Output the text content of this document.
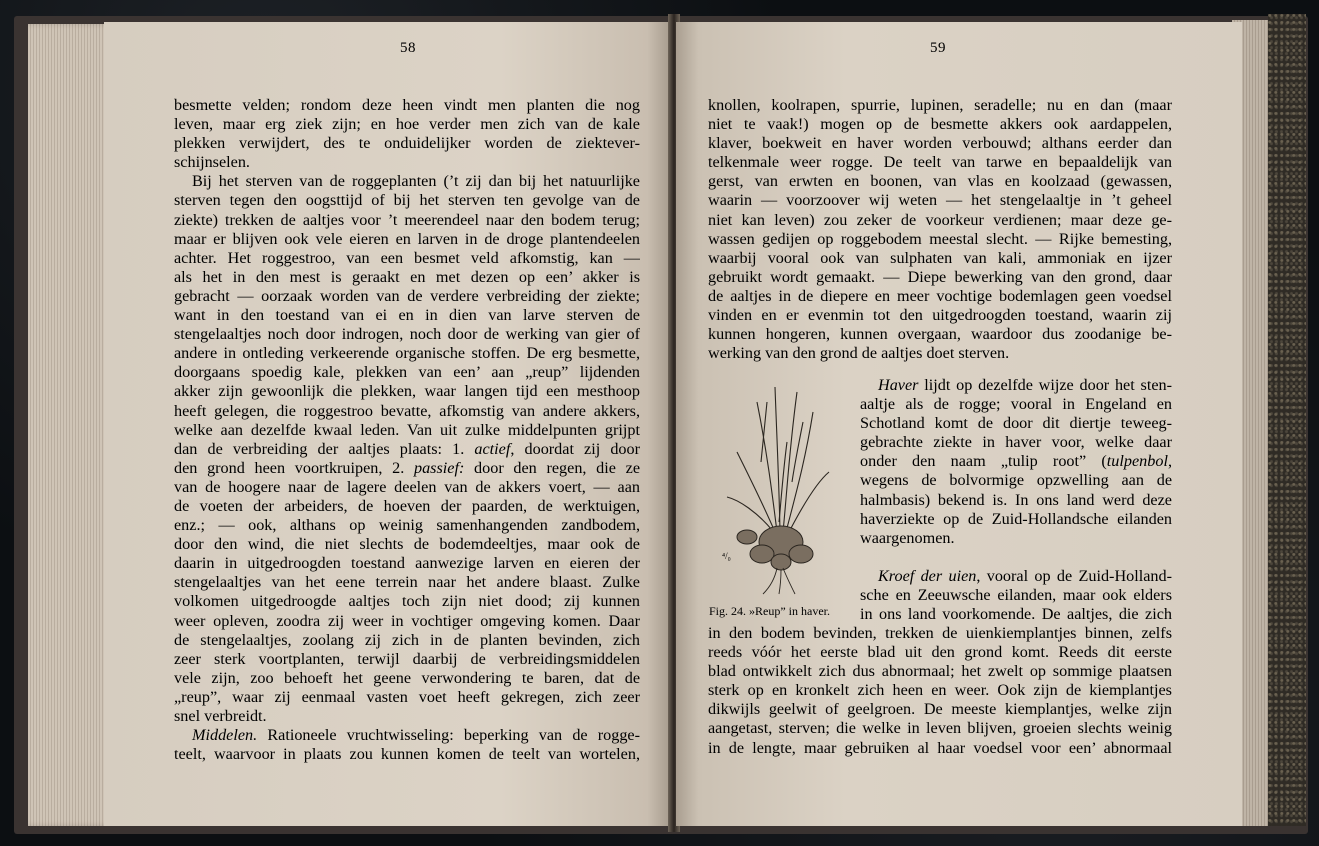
58
besmette velden; rondom deze heen vindt men planten die nog
leven, maar erg ziek zijn; en hoe verder men zich van de kale
plekken verwijdert, des te onduidelijker worden de ziektever-
schijnselen.
Bij het sterven van de roggeplanten (’t zij dan bij het natuurlijke
sterven tegen den oogsttijd of bij het sterven ten gevolge van de
ziekte) trekken de aaltjes voor ’t meerendeel naar den bodem terug;
maar er blijven ook vele eieren en larven in de droge plantendeelen
achter. Het roggestroo, van een besmet veld afkomstig, kan —
als het in den mest is geraakt en met dezen op een’ akker is
gebracht — oorzaak worden van de verdere verbreiding der ziekte;
want in den toestand van ei en in dien van larve sterven de
stengelaaltjes noch door indrogen, noch door de werking van gier of
andere in ontleding verkeerende organische stoffen. De erg besmette,
doorgaans spoedig kale, plekken van een’ aan „reup” lijdenden
akker zijn gewoonlijk die plekken, waar langen tijd een mesthoop
heeft gelegen, die roggestroo bevatte, afkomstig van andere akkers,
welke aan dezelfde kwaal leden. Van uit zulke middelpunten grijpt
dan de verbreiding der aaltjes plaats: 1. actief, doordat zij door
den grond heen voortkruipen, 2. passief: door den regen, die ze
van de hoogere naar de lagere deelen van de akkers voert, — aan
de voeten der arbeiders, de hoeven der paarden, de werktuigen,
enz.; — ook, althans op weinig samenhangenden zandbodem,
door den wind, die niet slechts de bodemdeeltjes, maar ook de
daarin in uitgedroogden toestand aanwezige larven en eieren der
stengelaaltjes van het eene terrein naar het andere blaast. Zulke
volkomen uitgedroogde aaltjes toch zijn niet dood; zij kunnen
weer opleven, zoodra zij weer in vochtiger omgeving komen. Daar
de stengelaaltjes, zoolang zij zich in de planten bevinden, zich
zeer sterk voortplanten, terwijl daarbij de verbreidingsmiddelen
vele zijn, zoo behoeft het geene verwondering te baren, dat de
„reup”, waar zij eenmaal vasten voet heeft gekregen, zich zeer
snel verbreidt.
Middelen. Rationeele vruchtwisseling: beperking van de rogge-
teelt, waarvoor in plaats zou kunnen komen de teelt van wortelen,
59
knollen, koolrapen, spurrie, lupinen, seradelle; nu en dan (maar
niet te vaak!) mogen op de besmette akkers ook aardappelen,
klaver, boekweit en haver worden verbouwd; althans eerder dan
telkenmale weer rogge. De teelt van tarwe en bepaaldelijk van
gerst, van erwten en boonen, van vlas en koolzaad (gewassen,
waarin — voorzoover wij weten — het stengelaaltje in ’t geheel
niet kan leven) zou zeker de voorkeur verdienen; maar deze ge-
wassen gedijen op roggebodem meestal slecht. — Rijke bemesting,
waarbij vooral ook van sulphaten van kali, ammoniak en ijzer
gebruikt wordt gemaakt. — Diepe bewerking van den grond, daar
de aaltjes in de diepere en meer vochtige bodemlagen geen voedsel
vinden en er evenmin tot den uitgedroogden toestand, waarin zij
kunnen hongeren, kunnen overgaan, waardoor dus zoodanige be-
werking van den grond de aaltjes doet sterven.
⁴/₀
Fig. 24. »Reup” in haver.
Haver lijdt op dezelfde wijze door het sten-
aaltje als de rogge; vooral in Engeland en
Schotland komt de door dit diertje teweeg-
gebrachte ziekte in haver voor, welke daar
onder den naam „tulip root” (tulpenbol,
wegens de bolvormige opzwelling aan de
halmbasis) bekend is. In ons land werd deze
haverziekte op de Zuid-Hollandsche eilanden
waargenomen.
Kroef der uien, vooral op de Zuid-Holland-
sche en Zeeuwsche eilanden, maar ook elders
in ons land voorkomende. De aaltjes, die zich
in den bodem bevinden, trekken de uienkiemplantjes binnen, zelfs
reeds vóór het eerste blad uit den grond komt. Reeds dit eerste
blad ontwikkelt zich dus abnormaal; het zwelt op sommige plaatsen
sterk op en kronkelt zich heen en weer. Ook zijn de kiemplantjes
dikwijls geelwit of geelgroen. De meeste kiemplantjes, welke zijn
aangetast, sterven; die welke in leven blijven, groeien slechts weinig
in de lengte, maar gebruiken al haar voedsel voor een’ abnormaal
